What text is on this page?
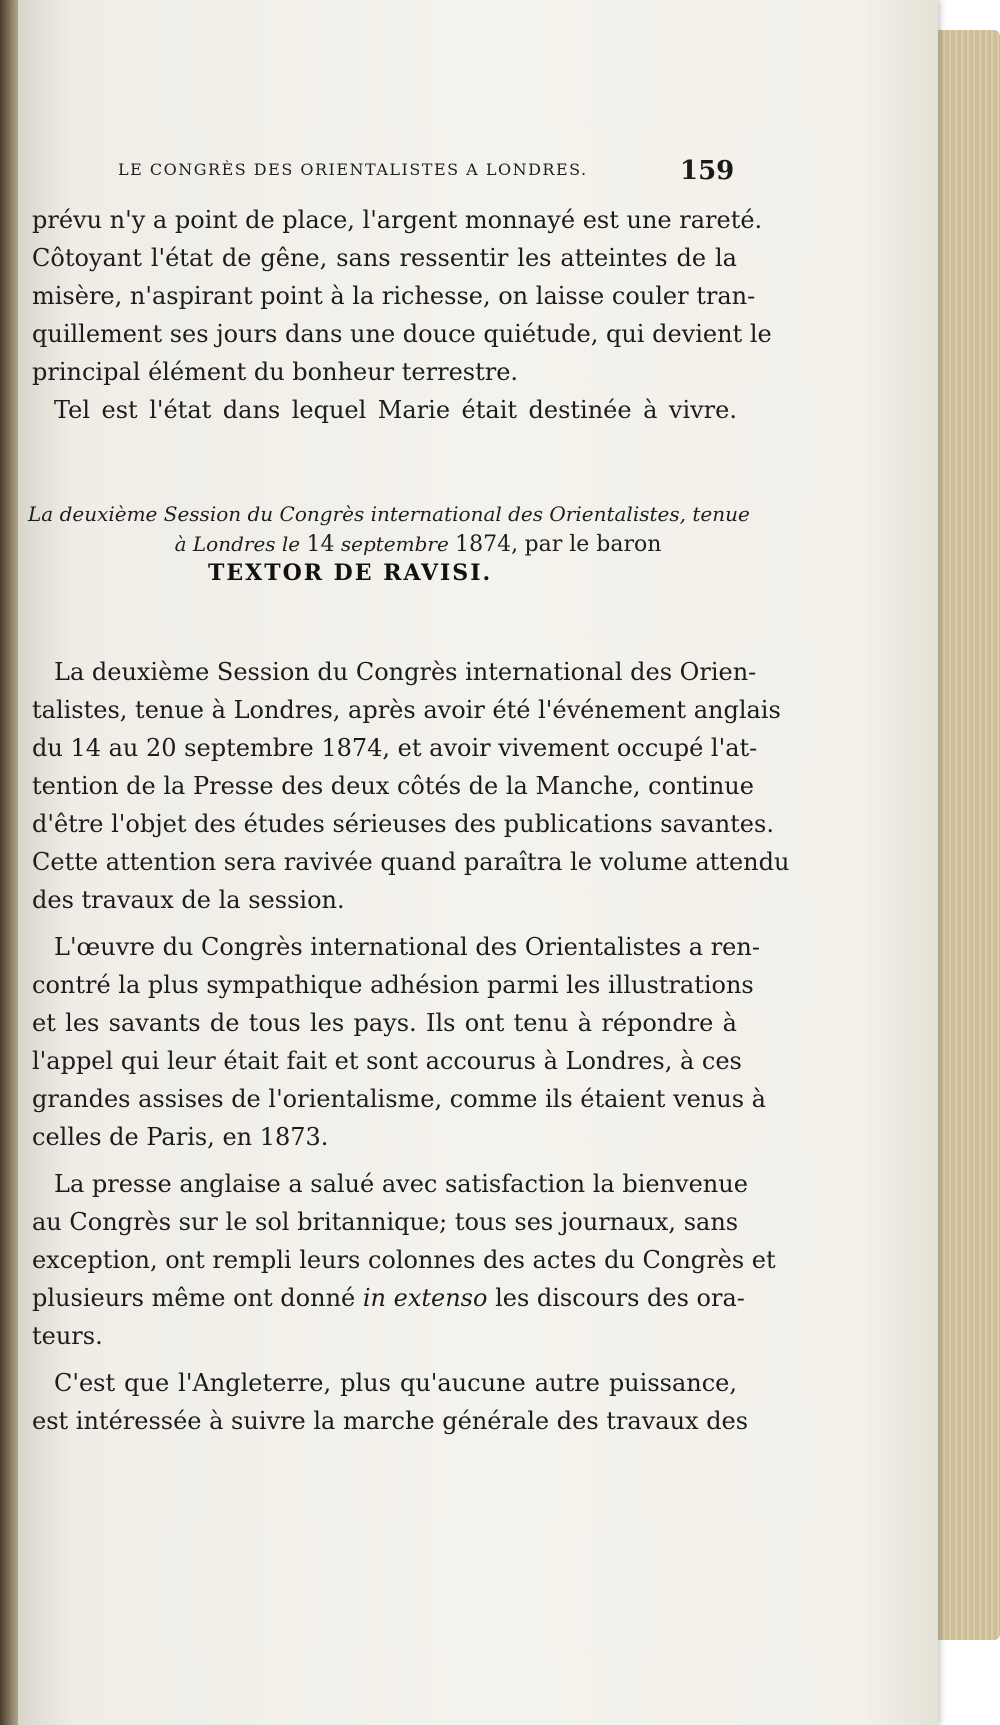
LE CONGRÈS DES ORIENTALISTES A LONDRES.	159
prévu n'y a point de place, l'argent monnayé est une rareté.
Côtoyant l'état de gêne, sans ressentir les atteintes de la
misère, n'aspirant point à la richesse, on laisse couler tran-
quillement ses jours dans une douce quiétude, qui devient le
principal élément du bonheur terrestre.
Tel est l'état dans lequel Marie était destinée à vivre.
La deuxième Session du Congrès international des Orientalistes, tenue
à Londres le 14 septembre 1874, par le baron
TEXTOR DE RAVISI.
La deuxième Session du Congrès international des Orien-
talistes, tenue à Londres, après avoir été l'événement anglais
du 14 au 20 septembre 1874, et avoir vivement occupé l'at-
tention de la Presse des deux côtés de la Manche, continue
d'être l'objet des études sérieuses des publications savantes.
Cette attention sera ravivée quand paraîtra le volume attendu
des travaux de la session.
L'œuvre du Congrès international des Orientalistes a ren-
contré la plus sympathique adhésion parmi les illustrations
et les savants de tous les pays. Ils ont tenu à répondre à
l'appel qui leur était fait et sont accourus à Londres, à ces
grandes assises de l'orientalisme, comme ils étaient venus à
celles de Paris, en 1873.
La presse anglaise a salué avec satisfaction la bienvenue
au Congrès sur le sol britannique; tous ses journaux, sans
exception, ont rempli leurs colonnes des actes du Congrès et
plusieurs même ont donné in extenso les discours des ora-
teurs.
C'est que l'Angleterre, plus qu'aucune autre puissance,
est intéressée à suivre la marche générale des travaux des
